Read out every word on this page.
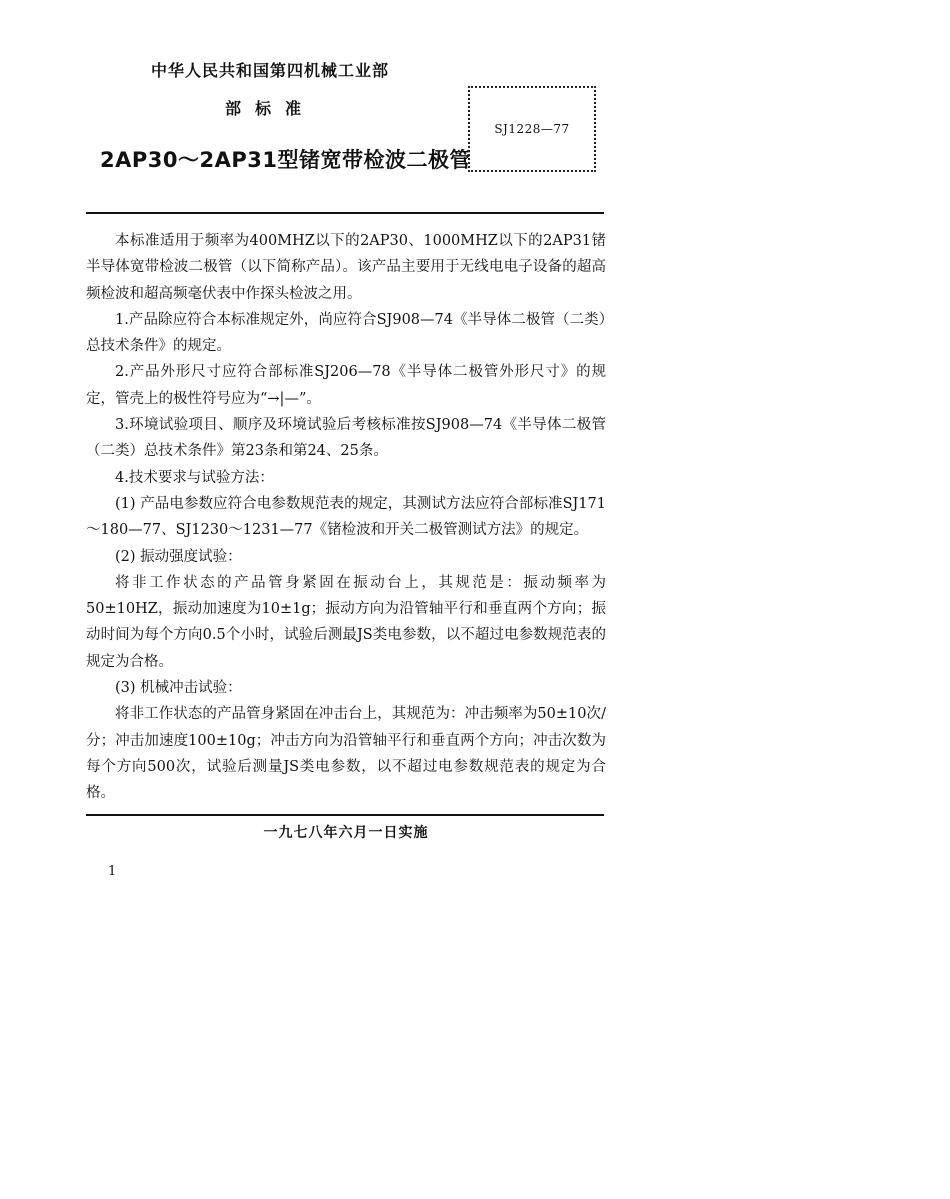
中华人民共和国第四机械工业部
部标准
2AP30～2AP31型锗宽带检波二极管
SJ1228—77

本标准适用于频率为400MHZ以下的2AP30、1000MHZ以下的2AP31锗半导体宽带检波二极管（以下简称产品）。该产品主要用于无线电电子设备的超高频检波和超高频毫伏表中作探头检波之用。

1.产品除应符合本标准规定外，尚应符合SJ908—74《半导体二极管（二类）总技术条件》的规定。

2.产品外形尺寸应符合部标准SJ206—78《半导体二极管外形尺寸》的规定，管壳上的极性符号应为“→|—”。

3.环境试验项目、顺序及环境试验后考核标准按SJ908—74《半导体二极管（二类）总技术条件》第23条和第24、25条。

4.技术要求与试验方法：

(1) 产品电参数应符合电参数规范表的规定，其测试方法应符合部标准SJ171～180—77、SJ1230～1231—77《锗检波和开关二极管测试方法》的规定。

(2) 振动强度试验：

将非工作状态的产品管身紧固在振动台上，其规范是：振动频率为50±10HZ，振动加速度为10±1g；振动方向为沿管轴平行和垂直两个方向；振动时间为每个方向0.5个小时，试验后测最JS类电参数，以不超过电参数规范表的规定为合格。

(3) 机械冲击试验：

将非工作状态的产品管身紧固在冲击台上，其规范为：冲击频率为50±10次/分；冲击加速度100±10g；冲击方向为沿管轴平行和垂直两个方向；冲击次数为每个方向500次，试验后测量JS类电参数，以不超过电参数规范表的规定为合格。

一九七八年六月一日实施
1
